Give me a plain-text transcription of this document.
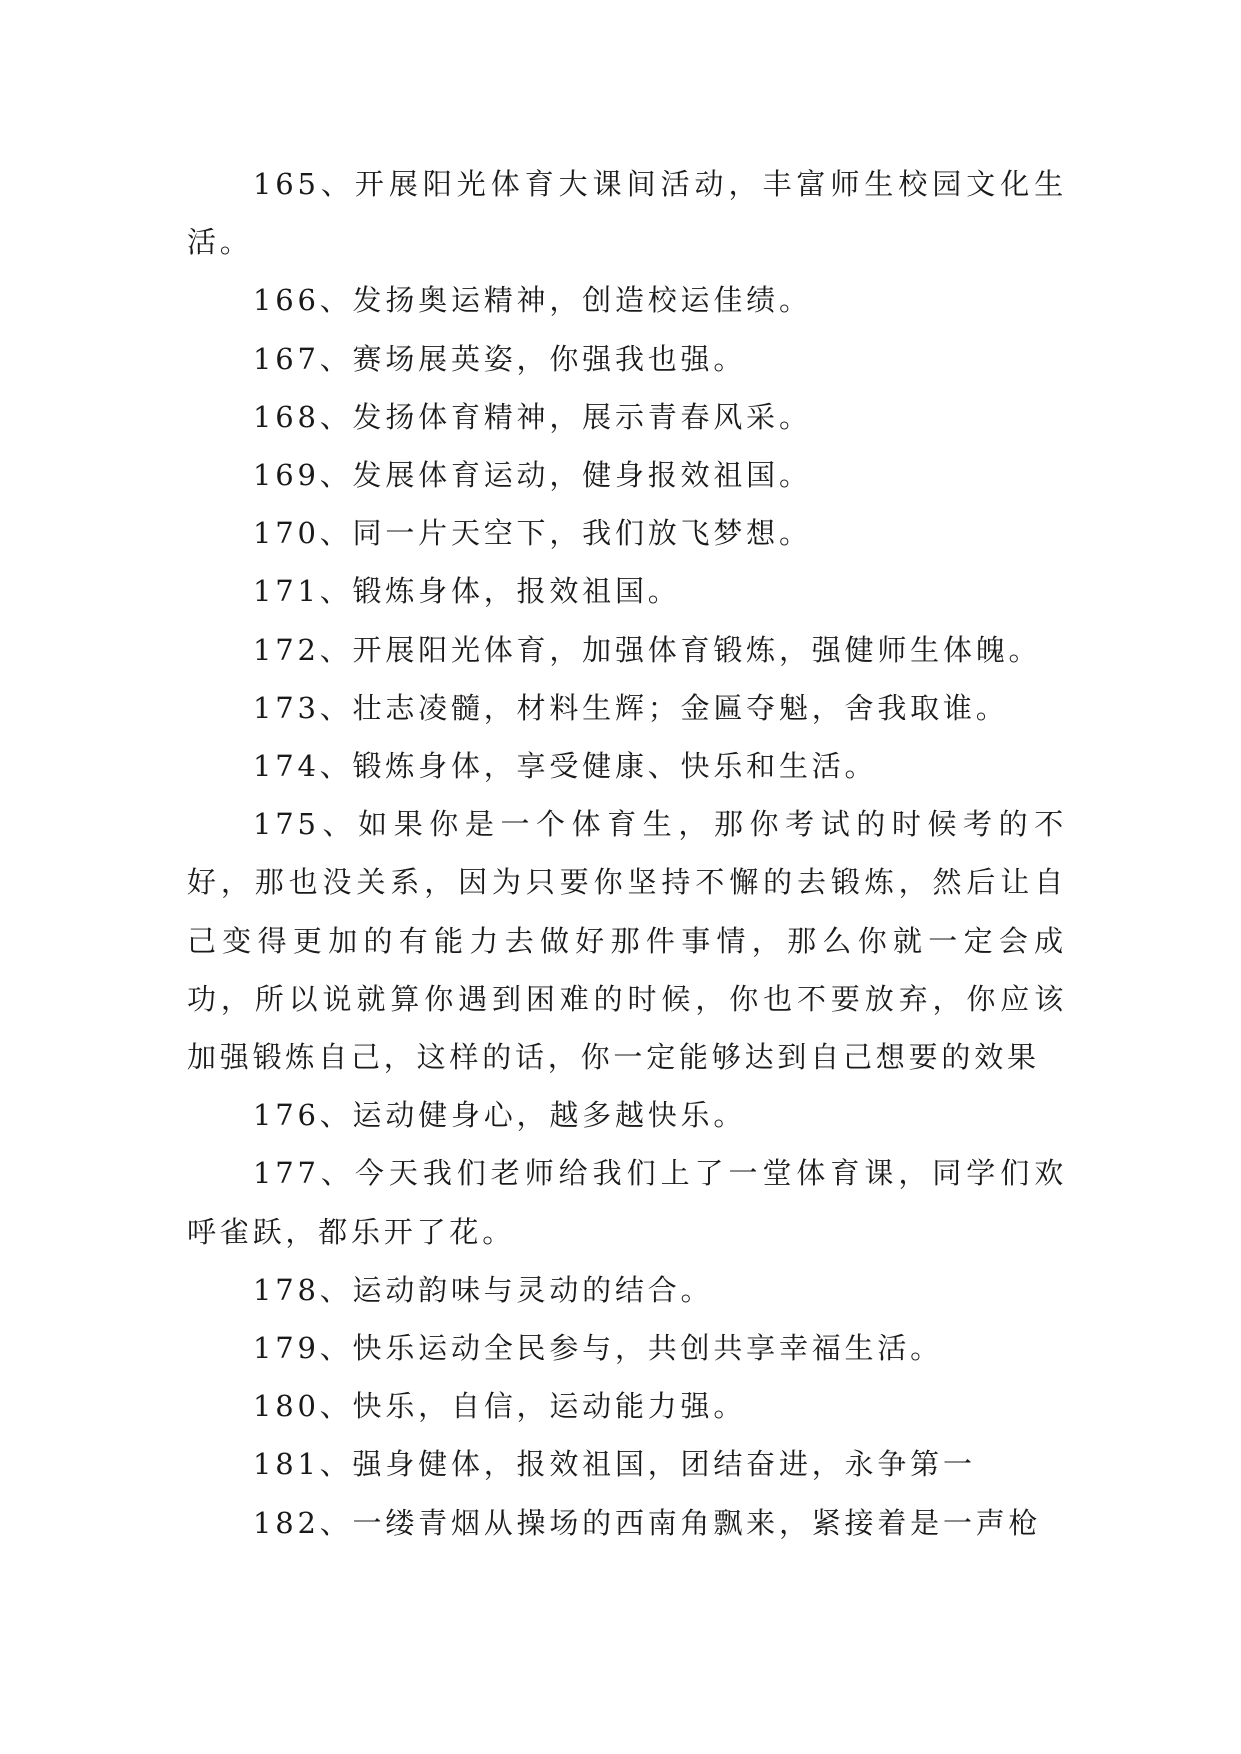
165、开展阳光体育大课间活动，丰富师生校园文化生活。

166、发扬奥运精神，创造校运佳绩。

167、赛场展英姿，你强我也强。

168、发扬体育精神，展示青春风采。

169、发展体育运动，健身报效祖国。

170、同一片天空下，我们放飞梦想。

171、锻炼身体，报效祖国。

172、开展阳光体育，加强体育锻炼，强健师生体魄。

173、壮志凌髓，材料生辉；金匾夺魁，舍我取谁。

174、锻炼身体，享受健康、快乐和生活。

175、如果你是一个体育生，那你考试的时候考的不好，那也没关系，因为只要你坚持不懈的去锻炼，然后让自己变得更加的有能力去做好那件事情，那么你就一定会成功，所以说就算你遇到困难的时候，你也不要放弃，你应该加强锻炼自己，这样的话，你一定能够达到自己想要的效果

176、运动健身心，越多越快乐。

177、今天我们老师给我们上了一堂体育课，同学们欢呼雀跃，都乐开了花。

178、运动韵味与灵动的结合。

179、快乐运动全民参与，共创共享幸福生活。

180、快乐，自信，运动能力强。

181、强身健体，报效祖国，团结奋进，永争第一

182、一缕青烟从操场的西南角飘来，紧接着是一声枪
